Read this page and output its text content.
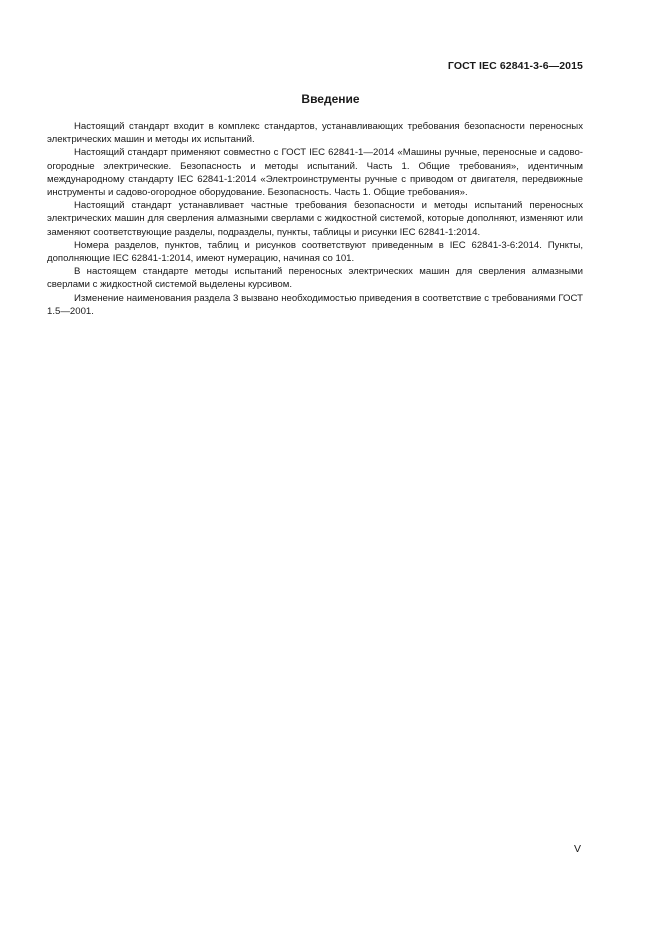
ГОСТ IEC 62841-3-6—2015
Введение

Настоящий стандарт входит в комплекс стандартов, устанавливающих требования безопасности переносных электрических машин и методы их испытаний.

Настоящий стандарт применяют совместно с ГОСТ IEC 62841-1—2014 «Машины ручные, переносные и садово-огородные электрические. Безопасность и методы испытаний. Часть 1. Общие требования», идентичным международному стандарту IEC 62841-1:2014 «Электроинструменты ручные с приводом от двигателя, передвижные инструменты и садово-огородное оборудование. Безопасность. Часть 1. Общие требования».

Настоящий стандарт устанавливает частные требования безопасности и методы испытаний переносных электрических машин для сверления алмазными сверлами с жидкостной системой, которые дополняют, изменяют или заменяют соответствующие разделы, подразделы, пункты, таблицы и рисунки IEC 62841-1:2014.

Номера разделов, пунктов, таблиц и рисунков соответствуют приведенным в IEC 62841-3-6:2014. Пункты, дополняющие IEC 62841-1:2014, имеют нумерацию, начиная со 101.

В настоящем стандарте методы испытаний переносных электрических машин для сверления алмазными сверлами с жидкостной системой выделены курсивом.

Изменение наименования раздела 3 вызвано необходимостью приведения в соответствие с требованиями ГОСТ 1.5—2001.

V
